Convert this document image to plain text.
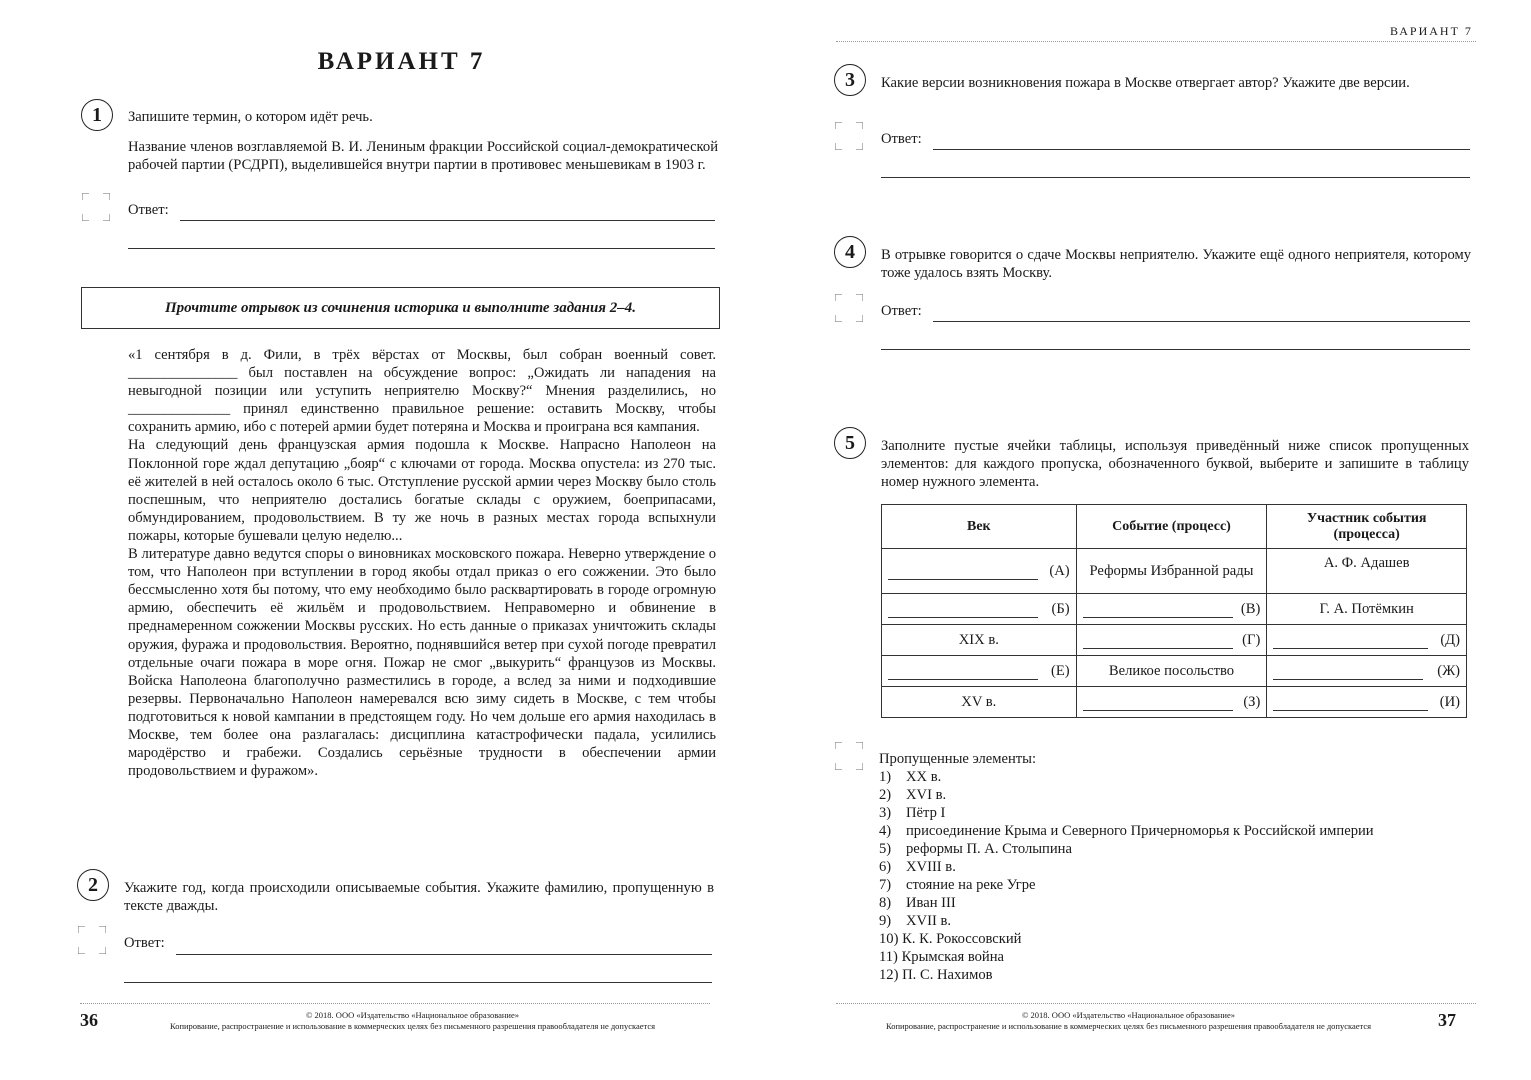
ВАРИАНТ 7
1	Запишите термин, о котором идёт речь.
Название членов возглавляемой В. И. Лениным фракции Российской социал-демократической рабочей партии (РСДРП), выделившейся внутри партии в противовес меньшевикам в 1903 г.
Ответ:
Прочтите отрывок из сочинения историка и выполните задания 2–4.
«1 сентября в д. Фили, в трёх вёрстах от Москвы, был собран военный совет. _______________ был поставлен на обсуждение вопрос: „Ожидать ли нападения на невыгодной позиции или уступить неприятелю Москву?“ Мнения разделились, но ______________ принял единственно правильное решение: оставить Москву, чтобы сохранить армию, ибо с потерей армии будет потеряна и Москва и проиграна вся кампания.
На следующий день французская армия подошла к Москве. Напрасно Наполеон на Поклонной горе ждал депутацию „бояр“ с ключами от города. Москва опустела: из 270 тыс. её жителей в ней осталось около 6 тыс. Отступление русской армии через Москву было столь поспешным, что неприятелю достались богатые склады с оружием, боеприпасами, обмундированием, продовольствием. В ту же ночь в разных местах города вспыхнули пожары, которые бушевали целую неделю...
В литературе давно ведутся споры о виновниках московского пожара. Неверно утверждение о том, что Наполеон при вступлении в город якобы отдал приказ о его сожжении. Это было бессмысленно хотя бы потому, что ему необходимо было расквартировать в городе огромную армию, обеспечить её жильём и продовольствием. Неправомерно и обвинение в преднамеренном сожжении Москвы русских. Но есть данные о приказах уничтожить склады оружия, фуража и продовольствия. Вероятно, поднявшийся ветер при сухой погоде превратил отдельные очаги пожара в море огня. Пожар не смог „выкурить“ французов из Москвы. Войска Наполеона благополучно разместились в городе, а вслед за ними и подходившие резервы. Первоначально Наполеон намеревался всю зиму сидеть в Москве, с тем чтобы подготовиться к новой кампании в предстоящем году. Но чем дольше его армия находилась в Москве, тем более она разлагалась: дисциплина катастрофически падала, усилились мародёрство и грабежи. Создались серьёзные трудности в обеспечении армии продовольствием и фуражом».
2	Укажите год, когда происходили описываемые события. Укажите фамилию, пропущенную в тексте дважды.
Ответ:
36	© 2018. ООО «Издательство «Национальное образование»
Копирование, распространение и использование в коммерческих целях без письменного разрешения правообладателя не допускается
ВАРИАНТ 7
3	Какие версии возникновения пожара в Москве отвергает автор? Укажите две версии.
Ответ:
4	В отрывке говорится о сдаче Москвы неприятелю. Укажите ещё одного неприятеля, которому тоже удалось взять Москву.
Ответ:
5	Заполните пустые ячейки таблицы, используя приведённый ниже список пропущенных элементов: для каждого пропуска, обозначенного буквой, выберите и запишите в таблицу номер нужного элемента.
Век	Событие (процесс)	Участник события (процесса)

(А)	Реформы Избранной рады	А. Ф. Адашев

(Б)	(В)	Г. А. Потёмкин
XIX в.	(Г)	(Д)

(Е)	Великое посольство	(Ж)

XV в.	(З)	(И)
Пропущенные элементы:
1) XX в.
2) XVI в.
3) Пётр I
4) присоединение Крыма и Северного Причерноморья к Российской империи
5) реформы П. А. Столыпина
6) XVIII в.
7) стояние на реке Угре
8) Иван III
9) XVII в.
10) К. К. Рокоссовский
11) Крымская война
12) П. С. Нахимов
© 2018. ООО «Издательство «Национальное образование»
Копирование, распространение и использование в коммерческих целях без письменного разрешения правообладателя не допускается	37
